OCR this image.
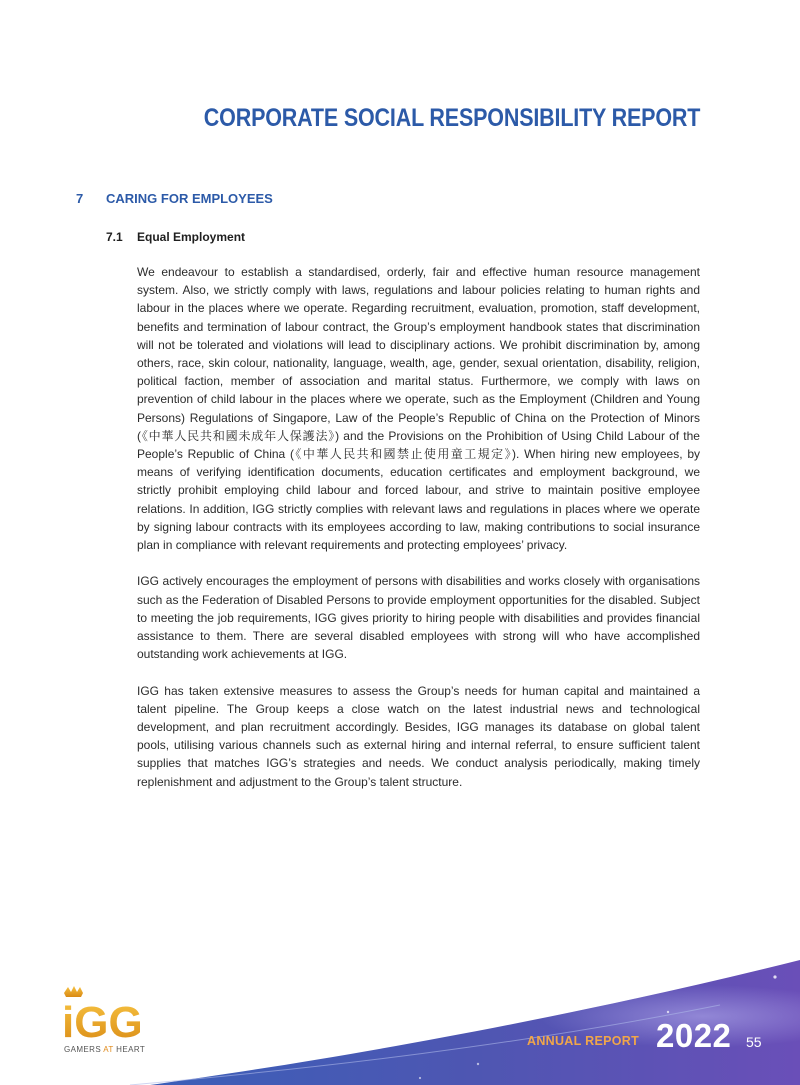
CORPORATE SOCIAL RESPONSIBILITY REPORT
7	CARING FOR EMPLOYEES
7.1	Equal Employment

We endeavour to establish a standardised, orderly, fair and effective human resource management system. Also, we strictly comply with laws, regulations and labour policies relating to human rights and labour in the places where we operate. Regarding recruitment, evaluation, promotion, staff development, benefits and termination of labour contract, the Group’s employment handbook states that discrimination will not be tolerated and violations will lead to disciplinary actions. We prohibit discrimination by, among others, race, skin colour, nationality, language, wealth, age, gender, sexual orientation, disability, religion, political faction, member of association and marital status. Furthermore, we comply with laws on prevention of child labour in the places where we operate, such as the Employment (Children and Young Persons) Regulations of Singapore, Law of the People’s Republic of China on the Protection of Minors (《中華人民共和國未成年人保護法》) and the Provisions on the Prohibition of Using Child Labour of the People’s Republic of China (《中華人民共和國禁止使用童工規定》). When hiring new employees, by means of verifying identification documents, education certificates and employment background, we strictly prohibit employing child labour and forced labour, and strive to maintain positive employee relations. In addition, IGG strictly complies with relevant laws and regulations in places where we operate by signing labour contracts with its employees according to law, making contributions to social insurance plan in compliance with relevant requirements and protecting employees’ privacy.

IGG actively encourages the employment of persons with disabilities and works closely with organisations such as the Federation of Disabled Persons to provide employment opportunities for the disabled. Subject to meeting the job requirements, IGG gives priority to hiring people with disabilities and provides financial assistance to them. There are several disabled employees with strong will who have accomplished outstanding work achievements at IGG.

IGG has taken extensive measures to assess the Group’s needs for human capital and maintained a talent pipeline. The Group keeps a close watch on the latest industrial news and technological development, and plan recruitment accordingly. Besides, IGG manages its database on global talent pools, utilising various channels such as external hiring and internal referral, to ensure sufficient talent supplies that matches IGG’s strategies and needs. We conduct analysis periodically, making timely replenishment and adjustment to the Group’s talent structure.

iGG
GAMERS AT HEART
ANNUAL REPORT 2022 55
